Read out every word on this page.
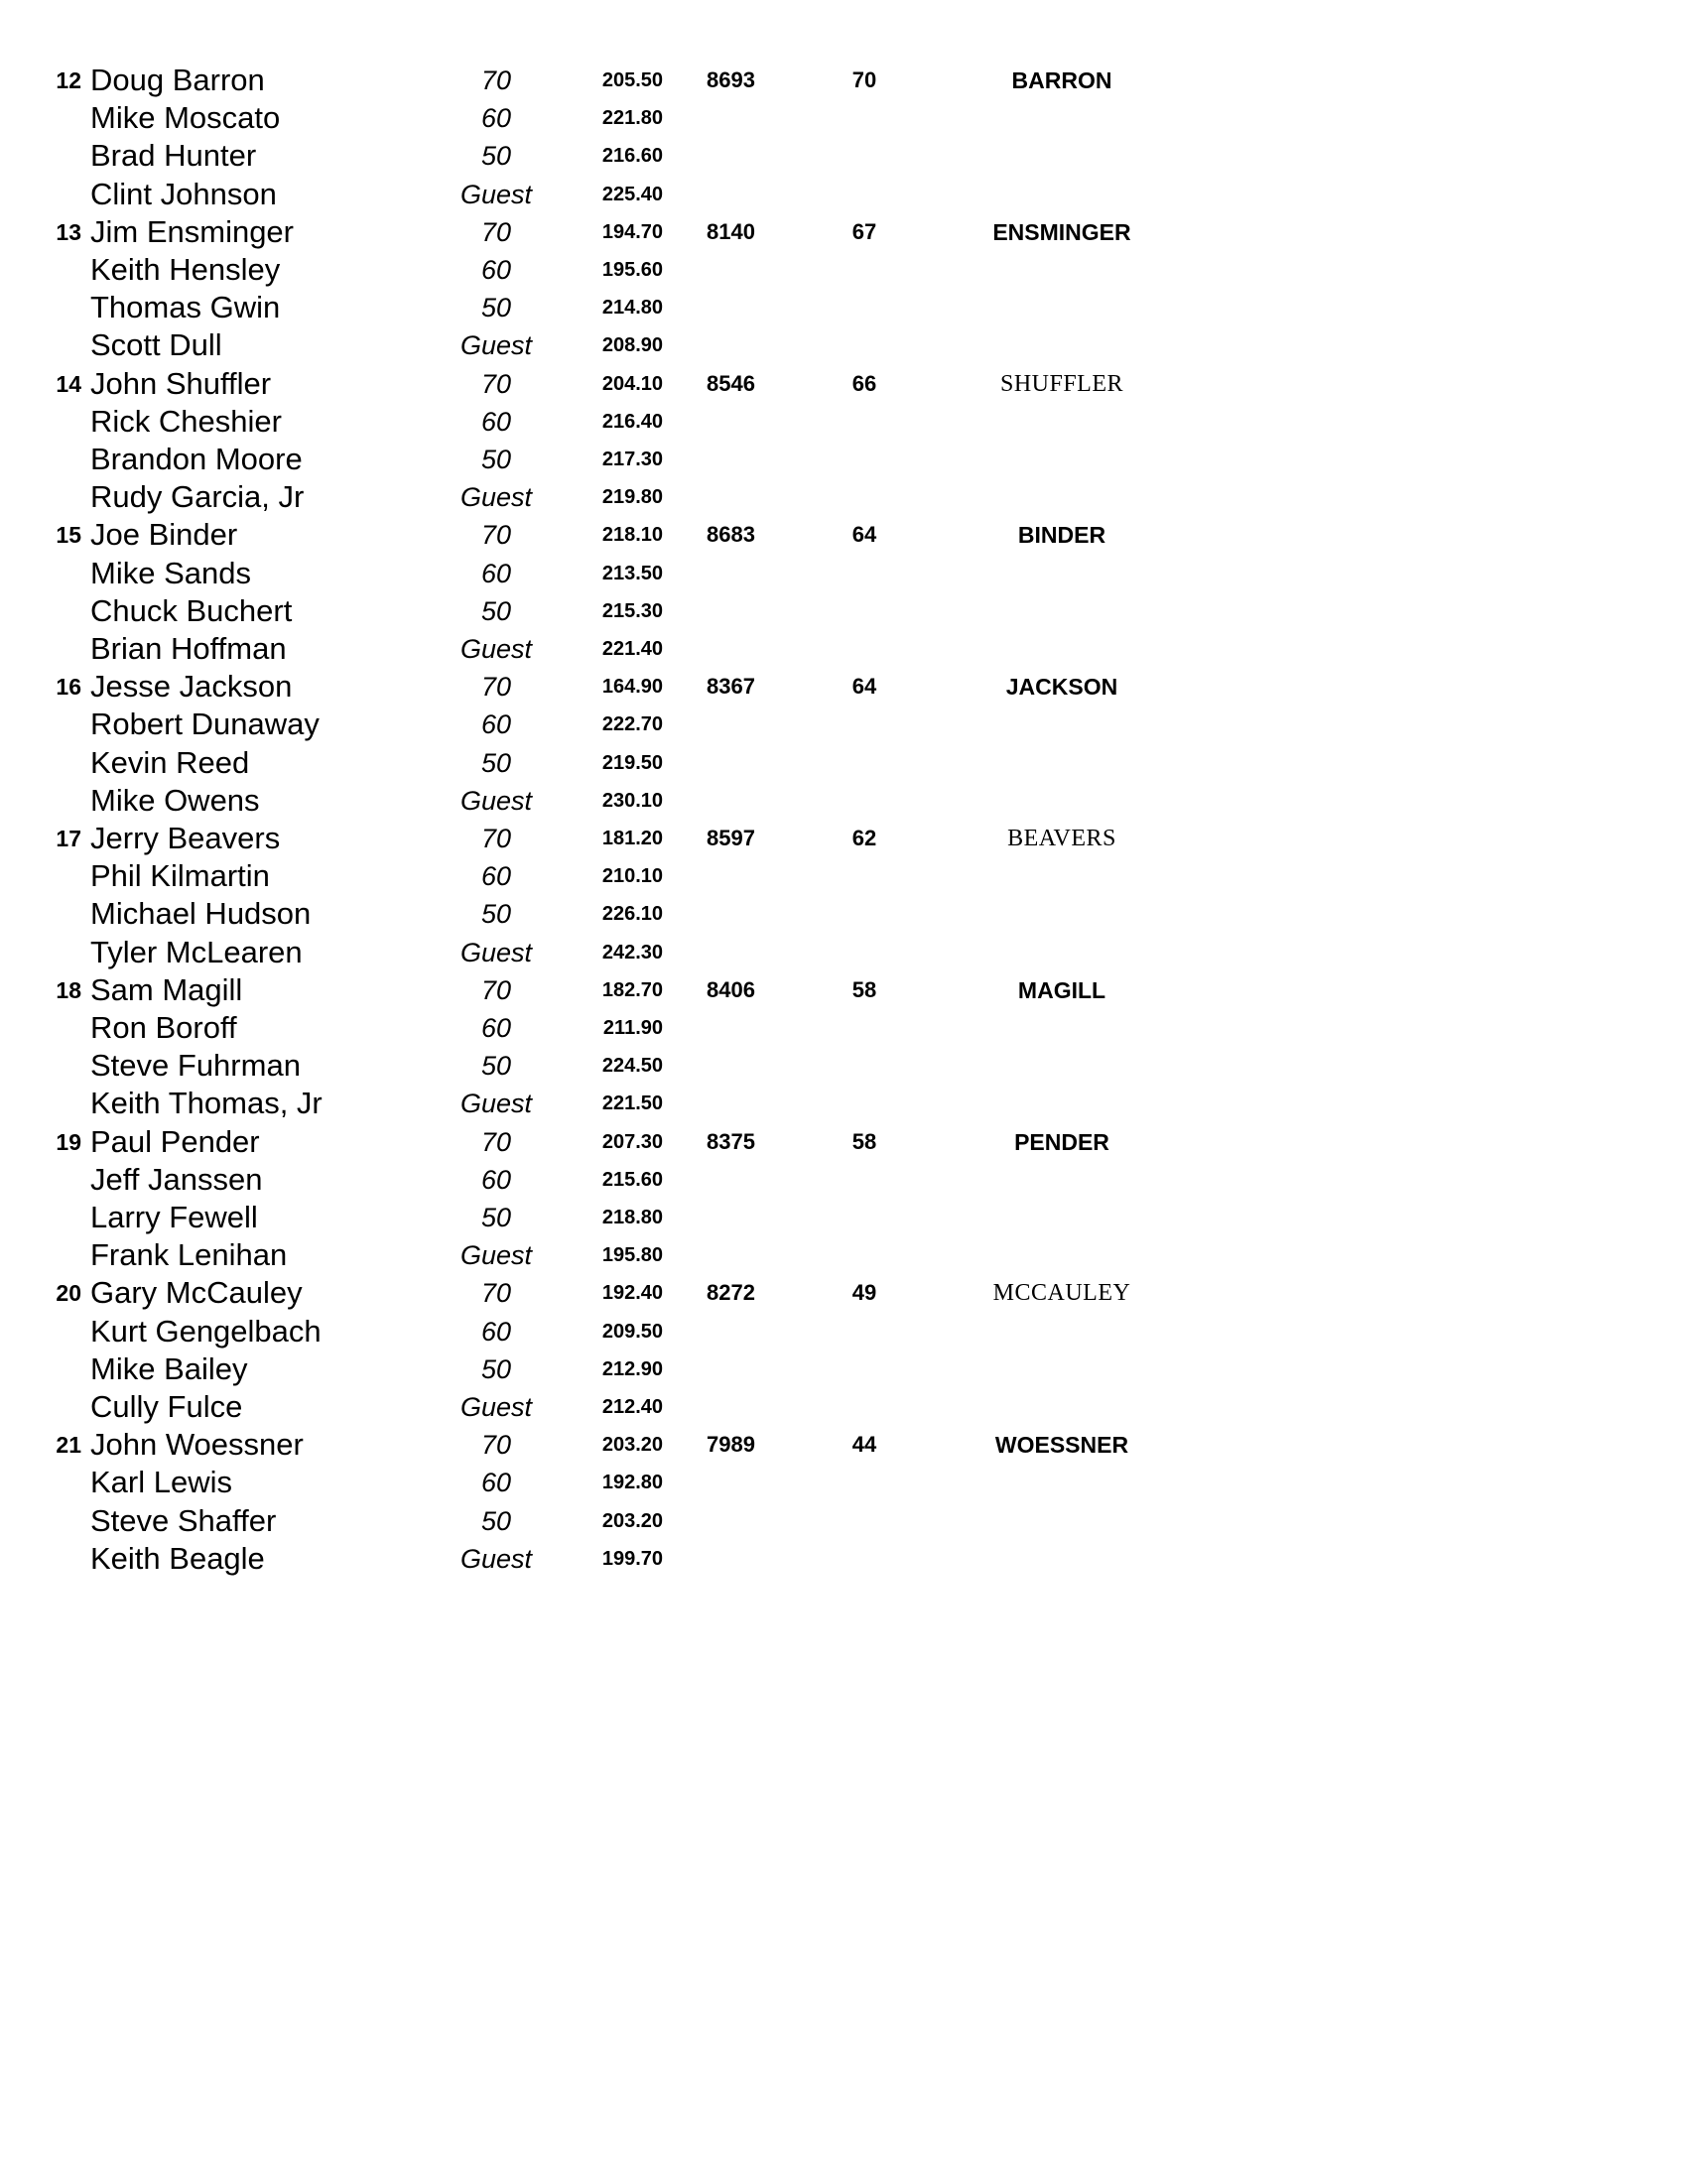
12 Doug Barron	70	205.50 8693	70	BARRON
Mike Moscato	60	221.80
Brad Hunter	50	216.60
Clint Johnson	Guest	225.40
13 Jim Ensminger	70	194.70 8140	67	ENSMINGER
Keith Hensley	60	195.60
Thomas Gwin	50	214.80
Scott Dull	Guest	208.90
14 John Shuffler	70	204.10 8546	66	SHUFFLER
Rick Cheshier	60	216.40
Brandon Moore	50	217.30
Rudy Garcia, Jr	Guest	219.80
15 Joe Binder	70	218.10 8683	64	BINDER
Mike Sands	60	213.50
Chuck Buchert	50	215.30
Brian Hoffman	Guest	221.40
16 Jesse Jackson	70	164.90 8367	64	JACKSON
Robert Dunaway	60	222.70
Kevin Reed	50	219.50
Mike Owens	Guest	230.10
17 Jerry Beavers	70	181.20 8597	62	BEAVERS
Phil Kilmartin	60	210.10
Michael Hudson	50	226.10
Tyler McLearen	Guest	242.30
18 Sam Magill	70	182.70 8406	58	MAGILL
Ron Boroff	60	211.90
Steve Fuhrman	50	224.50
Keith Thomas, Jr	Guest	221.50
19 Paul Pender	70	207.30 8375	58	PENDER
Jeff Janssen	60	215.60
Larry Fewell	50	218.80
Frank Lenihan	Guest	195.80
20 Gary McCauley	70	192.40 8272	49	MCCAULEY
Kurt Gengelbach	60	209.50
Mike Bailey	50	212.90
Cully Fulce	Guest	212.40
21 John Woessner	70	203.20 7989	44	WOESSNER
Karl Lewis	60	192.80
Steve Shaffer	50	203.20
Keith Beagle	Guest	199.70
